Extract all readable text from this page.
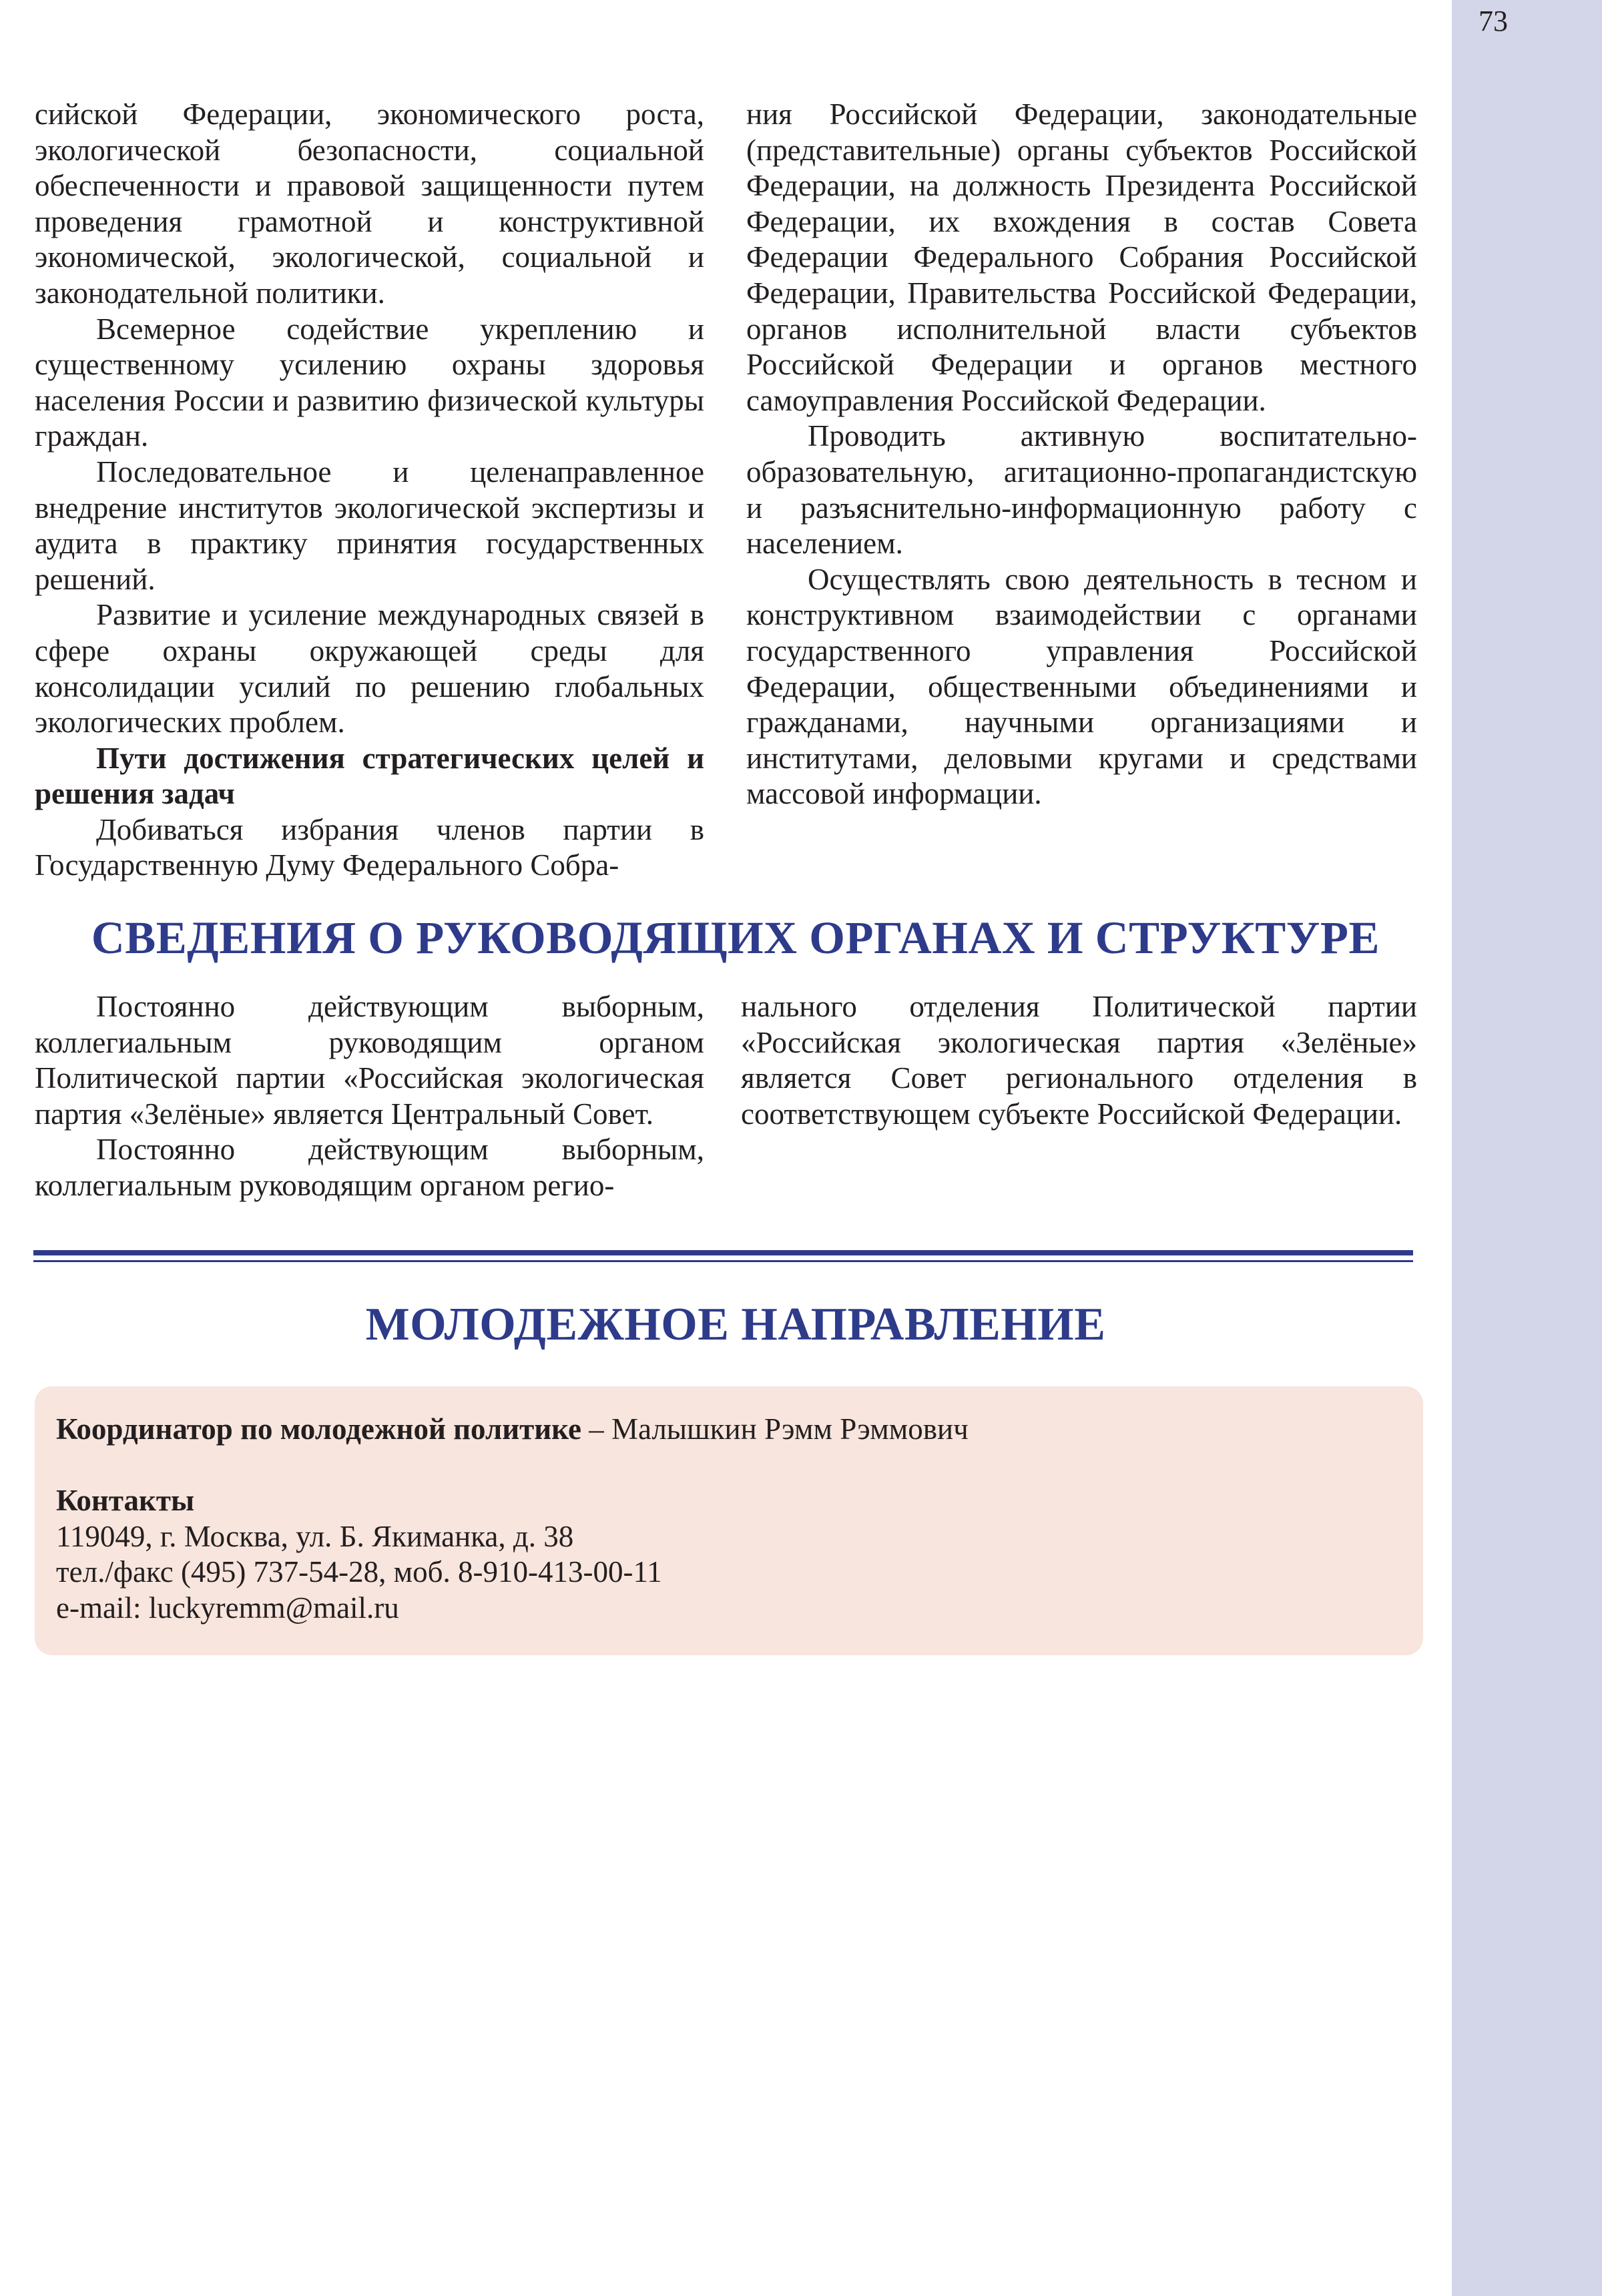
73

сийской Федерации, экономического роста, экологической безопасности, социальной обеспеченности и правовой защищенности путем проведения грамотной и конструктивной экономической, экологической, социальной и законодательной политики.

Всемерное содействие укреплению и существенному усилению охраны здоровья населения России и развитию физической культуры граждан.

Последовательное и целенаправленное внедрение институтов экологической экспертизы и аудита в практику принятия государственных решений.

Развитие и усиление международных связей в сфере охраны окружающей среды для консолидации усилий по решению глобальных экологических проблем.

Пути достижения стратегических целей и решения задач

Добиваться избрания членов партии в Государственную Думу Федерального Собра-

ния Российской Федерации, законодательные (представительные) органы субъектов Российской Федерации, на должность Президента Российской Федерации, их вхождения в состав Совета Федерации Федерального Собрания Российской Федерации, Правительства Российской Федерации, органов исполнительной власти субъектов Российской Федерации и органов местного самоуправления Российской Федерации.

Проводить активную воспитательно-образовательную, агитационно-пропагандистскую и разъяснительно-информационную работу с населением.

Осуществлять свою деятельность в тесном и конструктивном взаимодействии с органами государственного управления Российской Федерации, общественными объединениями и гражданами, научными организациями и институтами, деловыми кругами и средствами массовой информации.

СВЕДЕНИЯ О РУКОВОДЯЩИХ ОРГАНАХ И СТРУКТУРЕ

Постоянно действующим выборным, коллегиальным руководящим органом Политической партии «Российская экологическая партия «Зелёные» является Центральный Совет.

Постоянно действующим выборным, коллегиальным руководящим органом регио-

нального отделения Политической партии «Российская экологическая партия «Зелёные» является Совет регионального отделения в соответствующем субъекте Российской Федерации.

МОЛОДЕЖНОЕ НАПРАВЛЕНИЕ

Координатор по молодежной политике – Малышкин Рэмм Рэммович

Контакты

119049, г. Москва, ул. Б. Якиманка, д. 38

тел./факс (495) 737-54-28, моб. 8-910-413-00-11

e-mail: luckyremm@mail.ru
